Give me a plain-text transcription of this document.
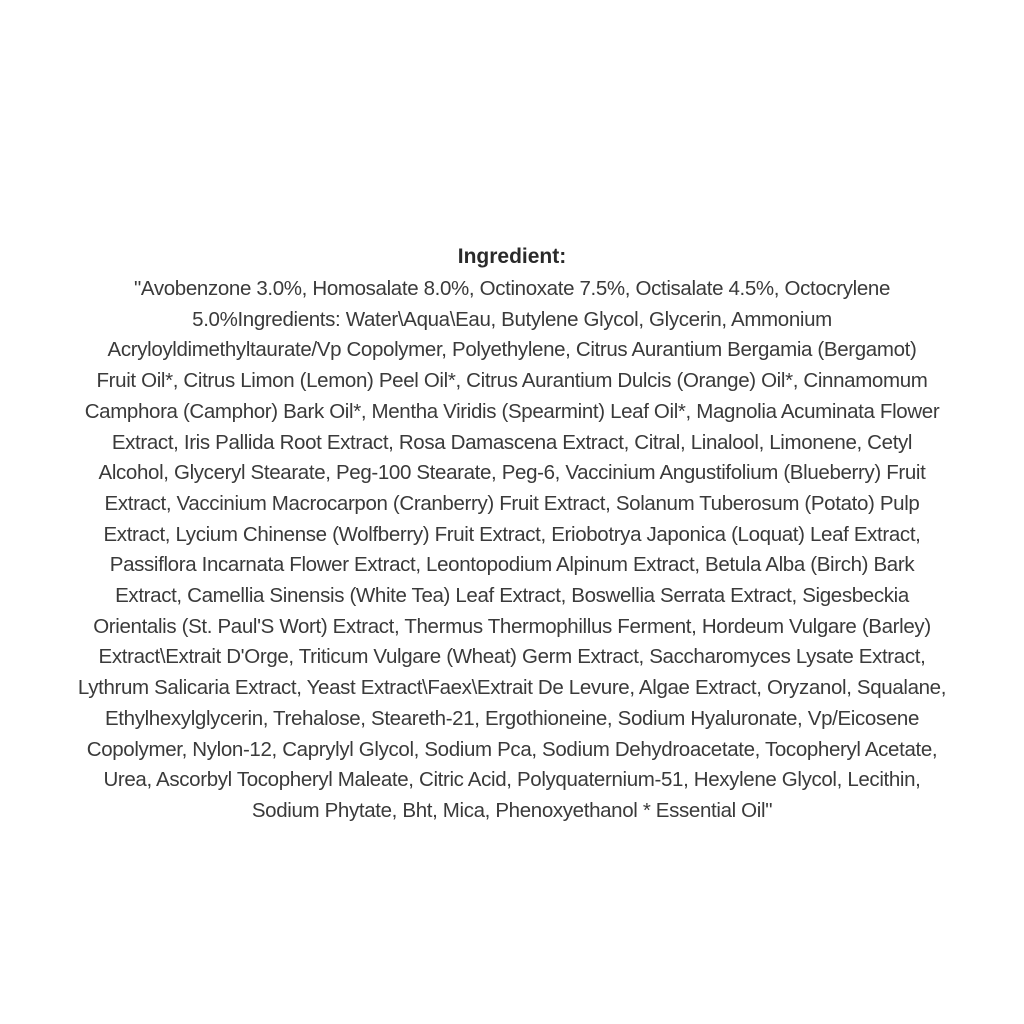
Ingredient:

"Avobenzone 3.0%, Homosalate 8.0%, Octinoxate 7.5%, Octisalate 4.5%, Octocrylene
5.0%Ingredients: Water\Aqua\Eau, Butylene Glycol, Glycerin, Ammonium
Acryloyldimethyltaurate/Vp Copolymer, Polyethylene, Citrus Aurantium Bergamia (Bergamot)
Fruit Oil*, Citrus Limon (Lemon) Peel Oil*, Citrus Aurantium Dulcis (Orange) Oil*, Cinnamomum
Camphora (Camphor) Bark Oil*, Mentha Viridis (Spearmint) Leaf Oil*, Magnolia Acuminata Flower
Extract, Iris Pallida Root Extract, Rosa Damascena Extract, Citral, Linalool, Limonene, Cetyl
Alcohol, Glyceryl Stearate, Peg-100 Stearate, Peg-6, Vaccinium Angustifolium (Blueberry) Fruit
Extract, Vaccinium Macrocarpon (Cranberry) Fruit Extract, Solanum Tuberosum (Potato) Pulp
Extract, Lycium Chinense (Wolfberry) Fruit Extract, Eriobotrya Japonica (Loquat) Leaf Extract,
Passiflora Incarnata Flower Extract, Leontopodium Alpinum Extract, Betula Alba (Birch) Bark
Extract, Camellia Sinensis (White Tea) Leaf Extract, Boswellia Serrata Extract, Sigesbeckia
Orientalis (St. Paul'S Wort) Extract, Thermus Thermophillus Ferment, Hordeum Vulgare (Barley)
Extract\Extrait D'Orge, Triticum Vulgare (Wheat) Germ Extract, Saccharomyces Lysate Extract,
Lythrum Salicaria Extract, Yeast Extract\Faex\Extrait De Levure, Algae Extract, Oryzanol, Squalane,
Ethylhexylglycerin, Trehalose, Steareth-21, Ergothioneine, Sodium Hyaluronate, Vp/Eicosene
Copolymer, Nylon-12, Caprylyl Glycol, Sodium Pca, Sodium Dehydroacetate, Tocopheryl Acetate,
Urea, Ascorbyl Tocopheryl Maleate, Citric Acid, Polyquaternium-51, Hexylene Glycol, Lecithin,
Sodium Phytate, Bht, Mica, Phenoxyethanol * Essential Oil"
